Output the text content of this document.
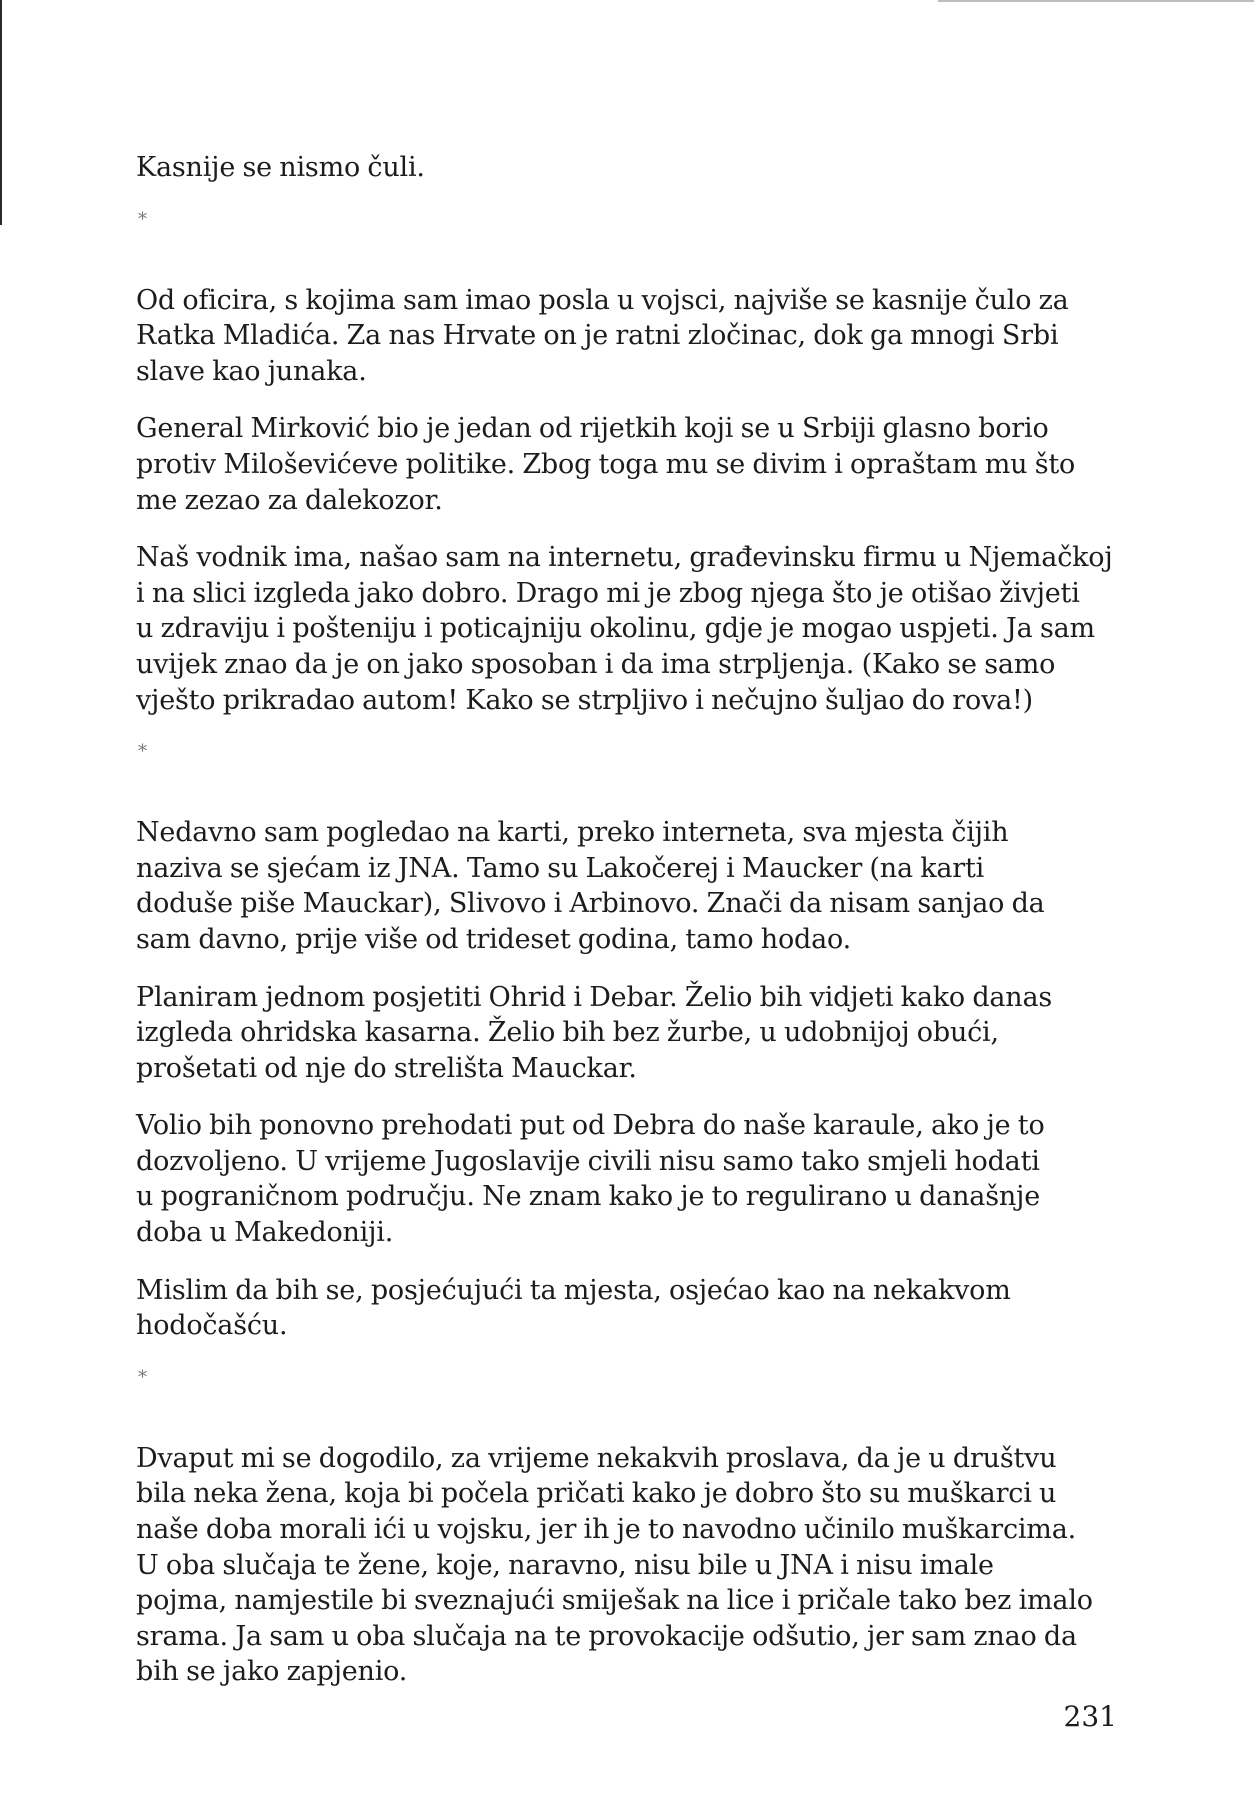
Kasnije se nismo čuli.

*

Od oficira, s kojima sam imao posla u vojsci, najviše se kasnije čulo za
Ratka Mladića. Za nas Hrvate on je ratni zločinac, dok ga mnogi Srbi
slave kao junaka.

General Mirković bio je jedan od rijetkih koji se u Srbiji glasno borio
protiv Miloševićeve politike. Zbog toga mu se divim i opraštam mu što
me zezao za dalekozor.

Naš vodnik ima, našao sam na internetu, građevinsku firmu u Njemačkoj
i na slici izgleda jako dobro. Drago mi je zbog njega što je otišao živjeti
u zdraviju i pošteniju i poticajniju okolinu, gdje je mogao uspjeti. Ja sam
uvijek znao da je on jako sposoban i da ima strpljenja. (Kako se samo
vješto prikradao autom! Kako se strpljivo i nečujno šuljao do rova!)

*

Nedavno sam pogledao na karti, preko interneta, sva mjesta čijih
naziva se sjećam iz JNA. Tamo su Lakočerej i Maucker (na karti
doduše piše Mauckar), Slivovo i Arbinovo. Znači da nisam sanjao da
sam davno, prije više od trideset godina, tamo hodao.

Planiram jednom posjetiti Ohrid i Debar. Želio bih vidjeti kako danas
izgleda ohridska kasarna. Želio bih bez žurbe, u udobnijoj obući,
prošetati od nje do strelišta Mauckar.

Volio bih ponovno prehodati put od Debra do naše karaule, ako je to
dozvoljeno. U vrijeme Jugoslavije civili nisu samo tako smjeli hodati
u pograničnom području. Ne znam kako je to regulirano u današnje
doba u Makedoniji.

Mislim da bih se, posjećujući ta mjesta, osjećao kao na nekakvom
hodočašću.

*

Dvaput mi se dogodilo, za vrijeme nekakvih proslava, da je u društvu
bila neka žena, koja bi počela pričati kako je dobro što su muškarci u
naše doba morali ići u vojsku, jer ih je to navodno učinilo muškarcima.
U oba slučaja te žene, koje, naravno, nisu bile u JNA i nisu imale
pojma, namjestile bi sveznajući smiješak na lice i pričale tako bez imalo
srama. Ja sam u oba slučaja na te provokacije odšutio, jer sam znao da
bih se jako zapjenio.

231
